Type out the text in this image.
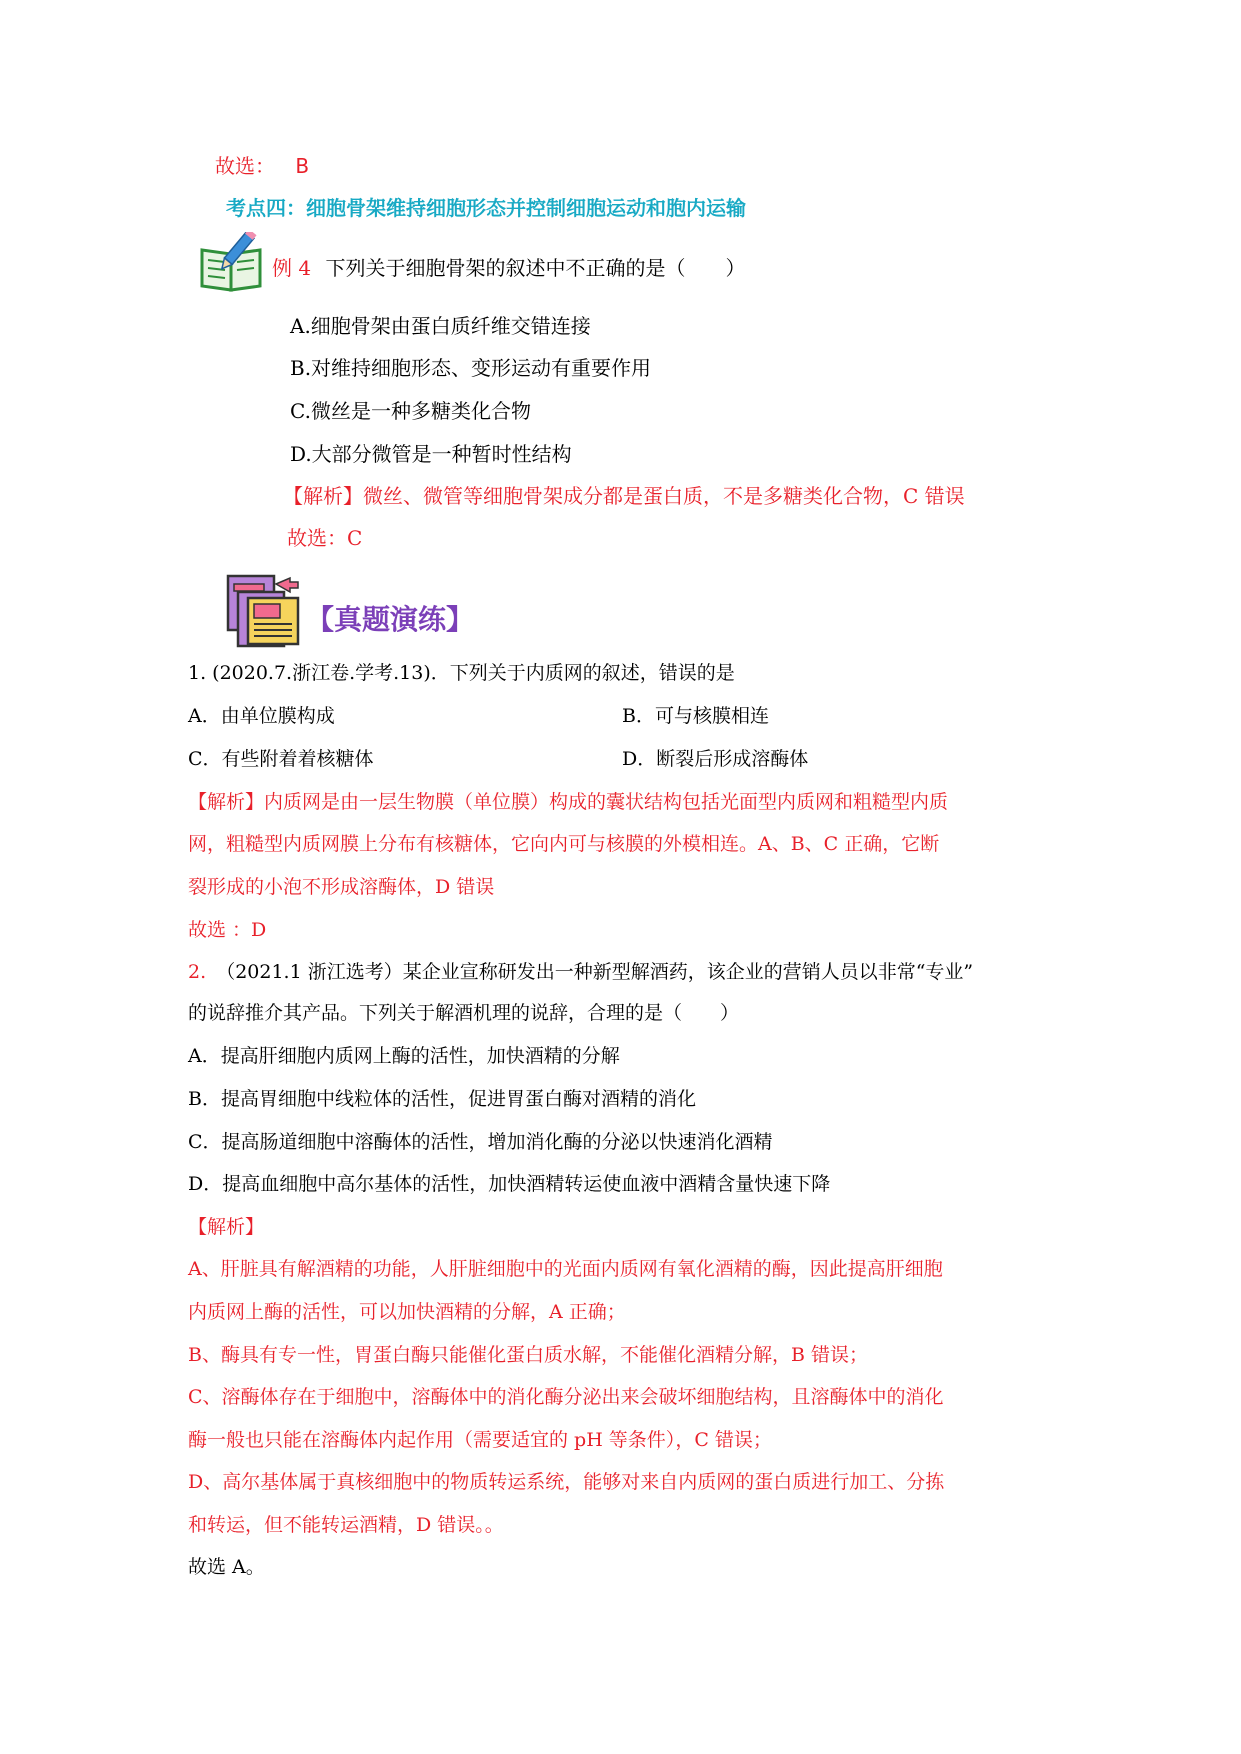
故选： B
考点四：细胞骨架维持细胞形态并控制细胞运动和胞内运输
例 4 下列关于细胞骨架的叙述中不正确的是（　　）
A.细胞骨架由蛋白质纤维交错连接
B.对维持细胞形态、变形运动有重要作用
C.微丝是一种多糖类化合物
D.大部分微管是一种暂时性结构
【解析】微丝、微管等细胞骨架成分都是蛋白质，不是多糖类化合物，C 错误
故选：C
【真题演练】
1. (2020.7.浙江卷.学考.13)．下列关于内质网的叙述，错误的是
A．由单位膜构成	B．可与核膜相连
C．有些附着着核糖体	D．断裂后形成溶酶体
【解析】内质网是由一层生物膜（单位膜）构成的囊状结构包括光面型内质网和粗糙型内质
网，粗糙型内质网膜上分布有核糖体，它向内可与核膜的外模相连。A、B、C 正确，它断
裂形成的小泡不形成溶酶体，D 错误
故选 ：D
2. （2021.1 浙江选考）某企业宣称研发出一种新型解酒药，该企业的营销人员以非常“专业”
的说辞推介其产品。下列关于解酒机理的说辞，合理的是（　　）
A．提高肝细胞内质网上酶的活性，加快酒精的分解
B．提高胃细胞中线粒体的活性，促进胃蛋白酶对酒精的消化
C．提高肠道细胞中溶酶体的活性，增加消化酶的分泌以快速消化酒精
D．提高血细胞中高尔基体的活性，加快酒精转运使血液中酒精含量快速下降
【解析】
A、肝脏具有解酒精的功能，人肝脏细胞中的光面内质网有氧化酒精的酶，因此提高肝细胞
内质网上酶的活性，可以加快酒精的分解，A 正确；
B、酶具有专一性，胃蛋白酶只能催化蛋白质水解，不能催化酒精分解，B 错误；
C、溶酶体存在于细胞中，溶酶体中的消化酶分泌出来会破坏细胞结构，且溶酶体中的消化
酶一般也只能在溶酶体内起作用（需要适宜的 pH 等条件），C 错误；
D、高尔基体属于真核细胞中的物质转运系统，能够对来自内质网的蛋白质进行加工、分拣
和转运，但不能转运酒精，D 错误。。
故选 A。
